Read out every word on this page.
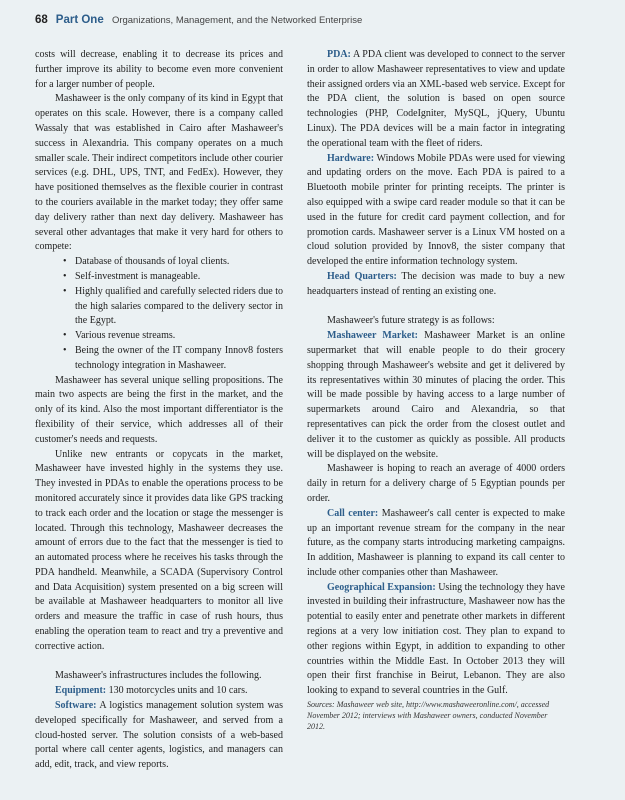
68 Part One Organizations, Management, and the Networked Enterprise

costs will decrease, enabling it to decrease its prices and further improve its ability to become even more convenient for a larger number of people.

Mashaweer is the only company of its kind in Egypt that operates on this scale. However, there is a company called Wassaly that was established in Cairo after Mashaweer's success in Alexandria. This company operates on a much smaller scale. Their indirect competitors include other courier services (e.g. DHL, UPS, TNT, and FedEx). However, they have positioned themselves as the flexible courier in contrast to the couriers available in the market today; they offer same day delivery rather than next day delivery. Mashaweer has several other advantages that make it very hard for others to compete:

• Database of thousands of loyal clients.
• Self-investment is manageable.
• Highly qualified and carefully selected riders due to the high salaries compared to the delivery sector in the Egypt.
• Various revenue streams.
• Being the owner of the IT company Innov8 fosters technology integration in Mashaweer.

Mashaweer has several unique selling propositions. The main two aspects are being the first in the market, and the only of its kind. Also the most important differentiator is the flexibility of their service, which addresses all of their customer's needs and requests.

Unlike new entrants or copycats in the market, Mashaweer have invested highly in the systems they use. They invested in PDAs to enable the operations process to be monitored accurately since it provides data like GPS tracking to track each order and the location or stage the messenger is located. Through this technology, Mashaweer decreases the amount of errors due to the fact that the messenger is tied to an automated process where he receives his tasks through the PDA handheld. Meanwhile, a SCADA (Supervisory Control and Data Acquisition) system presented on a big screen will be available at Mashaweer headquarters to monitor all live orders and measure the traffic in case of rush hours, thus enabling the operation team to react and try a preventive and corrective action.

Mashaweer's infrastructures includes the following.

Equipment: 130 motorcycles units and 10 cars.

Software: A logistics management solution system was developed specifically for Mashaweer, and served from a cloud-hosted server. The solution consists of a web-based portal where call center agents, logistics, and managers can add, edit, track, and view reports.

PDA: A PDA client was developed to connect to the server in order to allow Mashaweer representatives to view and update their assigned orders via an XML-based web service. Except for the PDA client, the solution is based on open source technologies (PHP, CodeIgniter, MySQL, jQuery, Ubuntu Linux). The PDA devices will be a main factor in integrating the operational team with the fleet of riders.

Hardware: Windows Mobile PDAs were used for viewing and updating orders on the move. Each PDA is paired to a Bluetooth mobile printer for printing receipts. The printer is also equipped with a swipe card reader module so that it can be used in the future for credit card payment collection, and for promotion cards. Mashaweer server is a Linux VM hosted on a cloud solution provided by Innov8, the sister company that developed the entire information technology system.

Head Quarters: The decision was made to buy a new headquarters instead of renting an existing one.

Mashaweer's future strategy is as follows:

Mashaweer Market: Mashaweer Market is an online supermarket that will enable people to do their grocery shopping through Mashaweer's website and get it delivered by its representatives within 30 minutes of placing the order. This will be made possible by having access to a large number of supermarkets around Cairo and Alexandria, so that representatives can pick the order from the closest outlet and deliver it to the customer as quickly as possible. All products will be displayed on the website.

Mashaweer is hoping to reach an average of 4000 orders daily in return for a delivery charge of 5 Egyptian pounds per order.

Call center: Mashaweer's call center is expected to make up an important revenue stream for the company in the near future, as the company starts introducing marketing campaigns. In addition, Mashaweer is planning to expand its call center to include other companies other than Mashaweer.

Geographical Expansion: Using the technology they have invested in building their infrastructure, Mashaweer now has the potential to easily enter and penetrate other markets in different regions at a very low initiation cost. They plan to expand to other regions within Egypt, in addition to expanding to other countries within the Middle East. In October 2013 they will open their first franchise in Beirut, Lebanon. They are also looking to expand to several countries in the Gulf.

Sources: Mashaweer web site, http://www.mashaweeronline.com/, accessed November 2012; interviews with Mashaweer owners, conducted November 2012.
